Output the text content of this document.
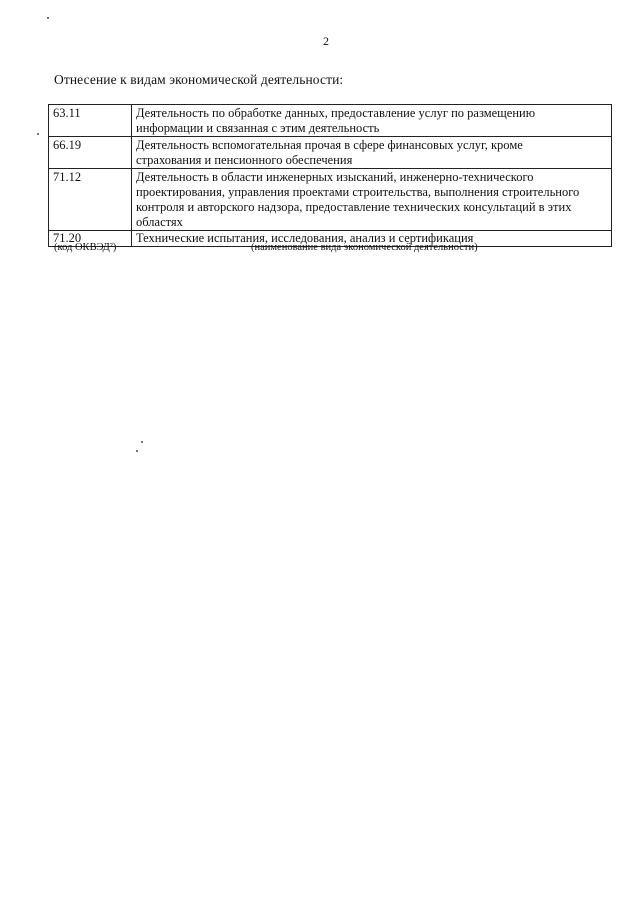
2
Отнесение к видам экономической деятельности:
63.11	Деятельность по обработке данных, предоставление услуг по размещению
информации и связанная с этим деятельность

66.19	Деятельность вспомогательная прочая в сфере финансовых услуг, кроме
страхования и пенсионного обеспечения

71.12	Деятельность в области инженерных изысканий, инженерно-технического
проектирования, управления проектами строительства, выполнения строительного
контроля и авторского надзора, предоставление технических консультаций в этих
областях

71.20	Технические испытания, исследования, анализ и сертификация
(код ОКВЭД²)	(наименование вида экономической деятельности)
